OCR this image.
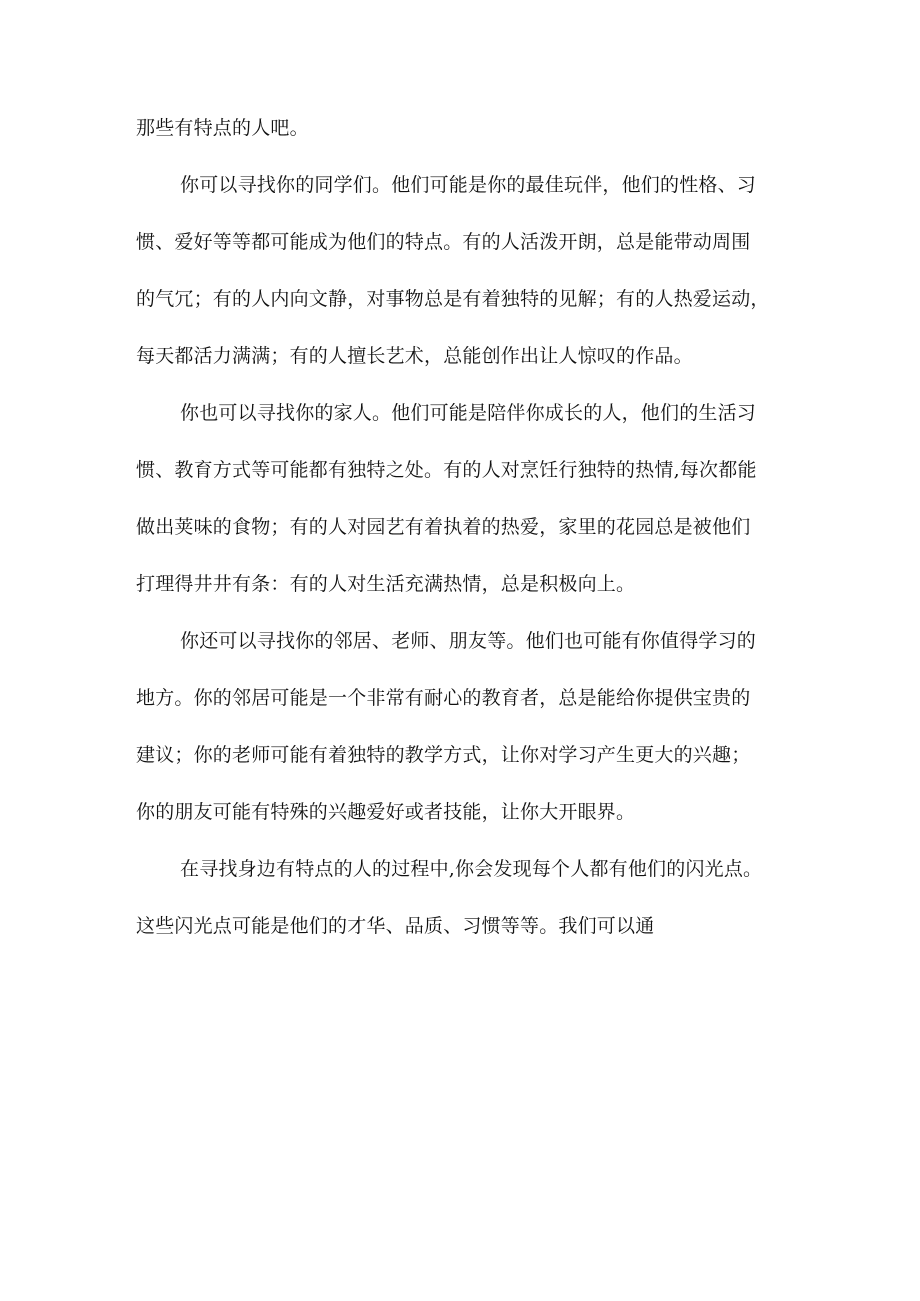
那些有特点的人吧。
你可以寻找你的同学们。他们可能是你的最佳玩伴，他们的性格、习
惯、爱好等等都可能成为他们的特点。有的人活泼开朗，总是能带动周围
的气冗；有的人内向文静，对事物总是有着独特的见解；有的人热爱运动，
每天都活力满满；有的人擅长艺术，总能创作出让人惊叹的作品。
你也可以寻找你的家人。他们可能是陪伴你成长的人，他们的生活习
惯、教育方式等可能都有独特之处。有的人对烹饪行独特的热情,每次都能
做出荚味的食物；有的人对园艺有着执着的热爱，家里的花园总是被他们
打理得井井有条：有的人对生活充满热情，总是积极向上。
你还可以寻找你的邻居、老师、朋友等。他们也可能有你值得学习的
地方。你的邻居可能是一个非常有耐心的教育者，总是能给你提供宝贵的
建议；你的老师可能有着独特的教学方式，让你对学习产生更大的兴趣；
你的朋友可能有特殊的兴趣爱好或者技能，让你大开眼界。
在寻找身边有特点的人的过程中,你会发现每个人都有他们的闪光点。
这些闪光点可能是他们的才华、品质、习惯等等。我们可以通
